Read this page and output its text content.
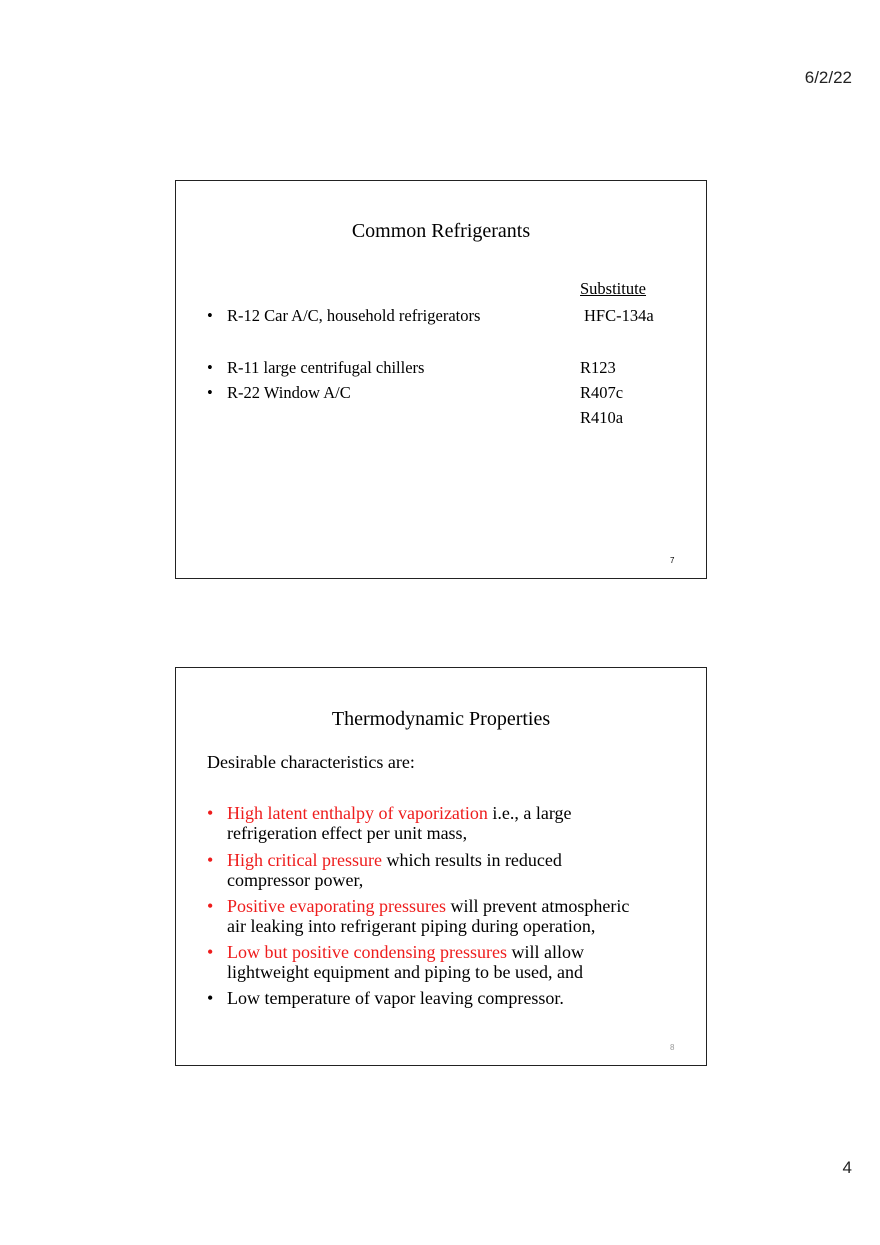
6/2/22
Common Refrigerants
Substitute
• R-12 Car A/C, household refrigerators	HFC-134a
• R-11 large centrifugal chillers	R123
• R-22 Window A/C	R407c
R410a
7
Thermodynamic Properties
Desirable characteristics are:
• High latent enthalpy of vaporization i.e., a large
refrigeration effect per unit mass,
• High critical pressure which results in reduced
compressor power,
• Positive evaporating pressures will prevent atmospheric
air leaking into refrigerant piping during operation,
• Low but positive condensing pressures will allow
lightweight equipment and piping to be used, and
• Low temperature of vapor leaving compressor.
8
4
